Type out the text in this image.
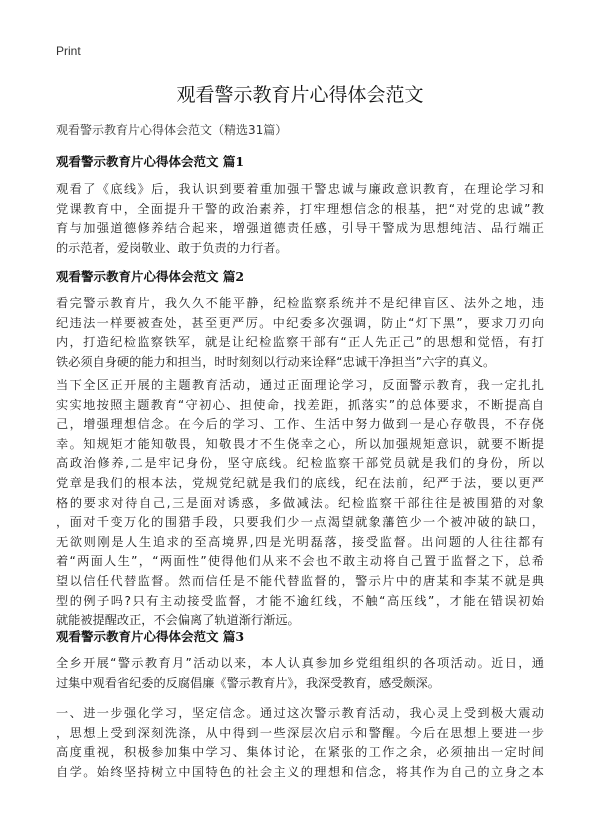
Print
观看警示教育片心得体会范文
观看警示教育片心得体会范文（精选31篇）
观看警示教育片心得体会范文 篇1
观看了《底线》后，我认识到要着重加强干警忠诚与廉政意识教育，在理论学习和
党课教育中，全面提升干警的政治素养，打牢理想信念的根基，把“对党的忠诚”教
育与加强道德修养结合起来，增强道德责任感，引导干警成为思想纯洁、品行端正
的示范者，爱岗敬业、敢于负责的力行者。
观看警示教育片心得体会范文 篇2
看完警示教育片，我久久不能平静，纪检监察系统并不是纪律盲区、法外之地，违
纪违法一样要被查处，甚至更严厉。中纪委多次强调，防止“灯下黑”，要求刀刃向
内，打造纪检监察铁军，就是让纪检监察干部有“正人先正己”的思想和觉悟，有打
铁必须自身硬的能力和担当，时时刻刻以行动来诠释“忠诚干净担当”六字的真义。
当下全区正开展的主题教育活动，通过正面理论学习，反面警示教育，我一定扎扎
实实地按照主题教育“守初心、担使命，找差距，抓落实”的总体要求，不断提高自
己，增强理想信念。在今后的学习、工作、生活中努力做到一是心存敬畏，不存侥
幸。知规矩才能知敬畏，知敬畏才不生侥幸之心，所以加强规矩意识，就要不断提
高政治修养,二是牢记身份，坚守底线。纪检监察干部党员就是我们的身份，所以
党章是我们的根本法，党规党纪就是我们的底线，纪在法前，纪严于法，要以更严
格的要求对待自己,三是面对诱惑，多做减法。纪检监察干部往往是被围猎的对象
，面对千变万化的围猎手段，只要我们少一点渴望就象藩笆少一个被冲破的缺口，
无欲则刚是人生追求的至高境界,四是光明磊落，接受监督。出问题的人往往都有
着“两面人生”，“两面性”使得他们从来不会也不敢主动将自己置于监督之下，总希
望以信任代替监督。然而信任是不能代替监督的，警示片中的唐某和李某不就是典
型的例子吗?只有主动接受监督，才能不逾红线，不触“高压线”，才能在错误初始
就能被提醒改正，不会偏离了轨道渐行渐远。
观看警示教育片心得体会范文 篇3
全乡开展“警示教育月”活动以来，本人认真参加乡党组组织的各项活动。近日，通
过集中观看省纪委的反腐倡廉《警示教育片》，我深受教育，感受颇深。
一、进一步强化学习，坚定信念。通过这次警示教育活动，我心灵上受到极大震动
，思想上受到深刻洗涤，从中得到一些深层次启示和警醒。今后在思想上要进一步
高度重视，积极参加集中学习、集体讨论，在紧张的工作之余，必须抽出一定时间
自学。始终坚持树立中国特色的社会主义的理想和信念，将其作为自己的立身之本
